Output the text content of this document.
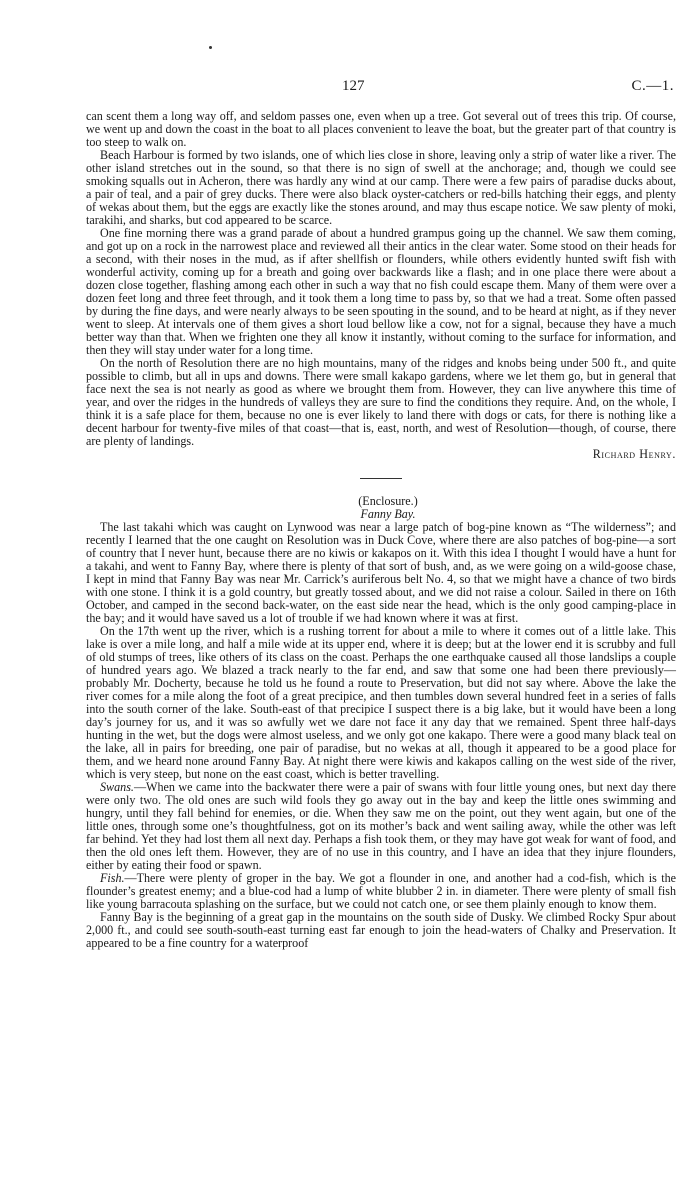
127	C.—1.

can scent them a long way off, and seldom passes one, even when up a tree. Got several out of trees this trip. Of course, we went up and down the coast in the boat to all places convenient to leave the boat, but the greater part of that country is too steep to walk on.

Beach Harbour is formed by two islands, one of which lies close in shore, leaving only a strip of water like a river. The other island stretches out in the sound, so that there is no sign of swell at the anchorage; and, though we could see smoking squalls out in Acheron, there was hardly any wind at our camp. There were a few pairs of paradise ducks about, a pair of teal, and a pair of grey ducks. There were also black oyster-catchers or red-bills hatching their eggs, and plenty of wekas about them, but the eggs are exactly like the stones around, and may thus escape notice. We saw plenty of moki, tarakihi, and sharks, but cod appeared to be scarce.

One fine morning there was a grand parade of about a hundred grampus going up the channel. We saw them coming, and got up on a rock in the narrowest place and reviewed all their antics in the clear water. Some stood on their heads for a second, with their noses in the mud, as if after shellfish or flounders, while others evidently hunted swift fish with wonderful activity, coming up for a breath and going over backwards like a flash; and in one place there were about a dozen close together, flashing among each other in such a way that no fish could escape them. Many of them were over a dozen feet long and three feet through, and it took them a long time to pass by, so that we had a treat. Some often passed by during the fine days, and were nearly always to be seen spouting in the sound, and to be heard at night, as if they never went to sleep. At intervals one of them gives a short loud bellow like a cow, not for a signal, because they have a much better way than that. When we frighten one they all know it instantly, without coming to the surface for information, and then they will stay under water for a long time.

On the north of Resolution there are no high mountains, many of the ridges and knobs being under 500 ft., and quite possible to climb, but all in ups and downs. There were small kakapo gardens, where we let them go, but in general that face next the sea is not nearly as good as where we brought them from. However, they can live anywhere this time of year, and over the ridges in the hundreds of valleys they are sure to find the conditions they require. And, on the whole, I think it is a safe place for them, because no one is ever likely to land there with dogs or cats, for there is nothing like a decent harbour for twenty-five miles of that coast—that is, east, north, and west of Resolution—though, of course, there are plenty of landings.

Richard Henry.

(Enclosure.)

Fanny Bay.

The last takahi which was caught on Lynwood was near a large patch of bog-pine known as “The wilderness”; and recently I learned that the one caught on Resolution was in Duck Cove, where there are also patches of bog-pine—a sort of country that I never hunt, because there are no kiwis or kakapos on it. With this idea I thought I would have a hunt for a takahi, and went to Fanny Bay, where there is plenty of that sort of bush, and, as we were going on a wild-goose chase, I kept in mind that Fanny Bay was near Mr. Carrick’s auriferous belt No. 4, so that we might have a chance of two birds with one stone. I think it is a gold country, but greatly tossed about, and we did not raise a colour. Sailed in there on 16th October, and camped in the second back-water, on the east side near the head, which is the only good camping-place in the bay; and it would have saved us a lot of trouble if we had known where it was at first.

On the 17th went up the river, which is a rushing torrent for about a mile to where it comes out of a little lake. This lake is over a mile long, and half a mile wide at its upper end, where it is deep; but at the lower end it is scrubby and full of old stumps of trees, like others of its class on the coast. Perhaps the one earthquake caused all those landslips a couple of hundred years ago. We blazed a track nearly to the far end, and saw that some one had been there previously—probably Mr. Docherty, because he told us he found a route to Preservation, but did not say where. Above the lake the river comes for a mile along the foot of a great precipice, and then tumbles down several hundred feet in a series of falls into the south corner of the lake. South-east of that precipice I suspect there is a big lake, but it would have been a long day’s journey for us, and it was so awfully wet we dare not face it any day that we remained. Spent three half-days hunting in the wet, but the dogs were almost useless, and we only got one kakapo. There were a good many black teal on the lake, all in pairs for breeding, one pair of paradise, but no wekas at all, though it appeared to be a good place for them, and we heard none around Fanny Bay. At night there were kiwis and kakapos calling on the west side of the river, which is very steep, but none on the east coast, which is better travelling.

Swans.—When we came into the backwater there were a pair of swans with four little young ones, but next day there were only two. The old ones are such wild fools they go away out in the bay and keep the little ones swimming and hungry, until they fall behind for enemies, or die. When they saw me on the point, out they went again, but one of the little ones, through some one’s thoughtfulness, got on its mother’s back and went sailing away, while the other was left far behind. Yet they had lost them all next day. Perhaps a fish took them, or they may have got weak for want of food, and then the old ones left them. However, they are of no use in this country, and I have an idea that they injure flounders, either by eating their food or spawn.

Fish.—There were plenty of groper in the bay. We got a flounder in one, and another had a cod-fish, which is the flounder’s greatest enemy; and a blue-cod had a lump of white blubber 2 in. in diameter. There were plenty of small fish like young barracouta splashing on the surface, but we could not catch one, or see them plainly enough to know them.

Fanny Bay is the beginning of a great gap in the mountains on the south side of Dusky. We climbed Rocky Spur about 2,000 ft., and could see south-south-east turning east far enough to join the head-waters of Chalky and Preservation. It appeared to be a fine country for a waterproof
